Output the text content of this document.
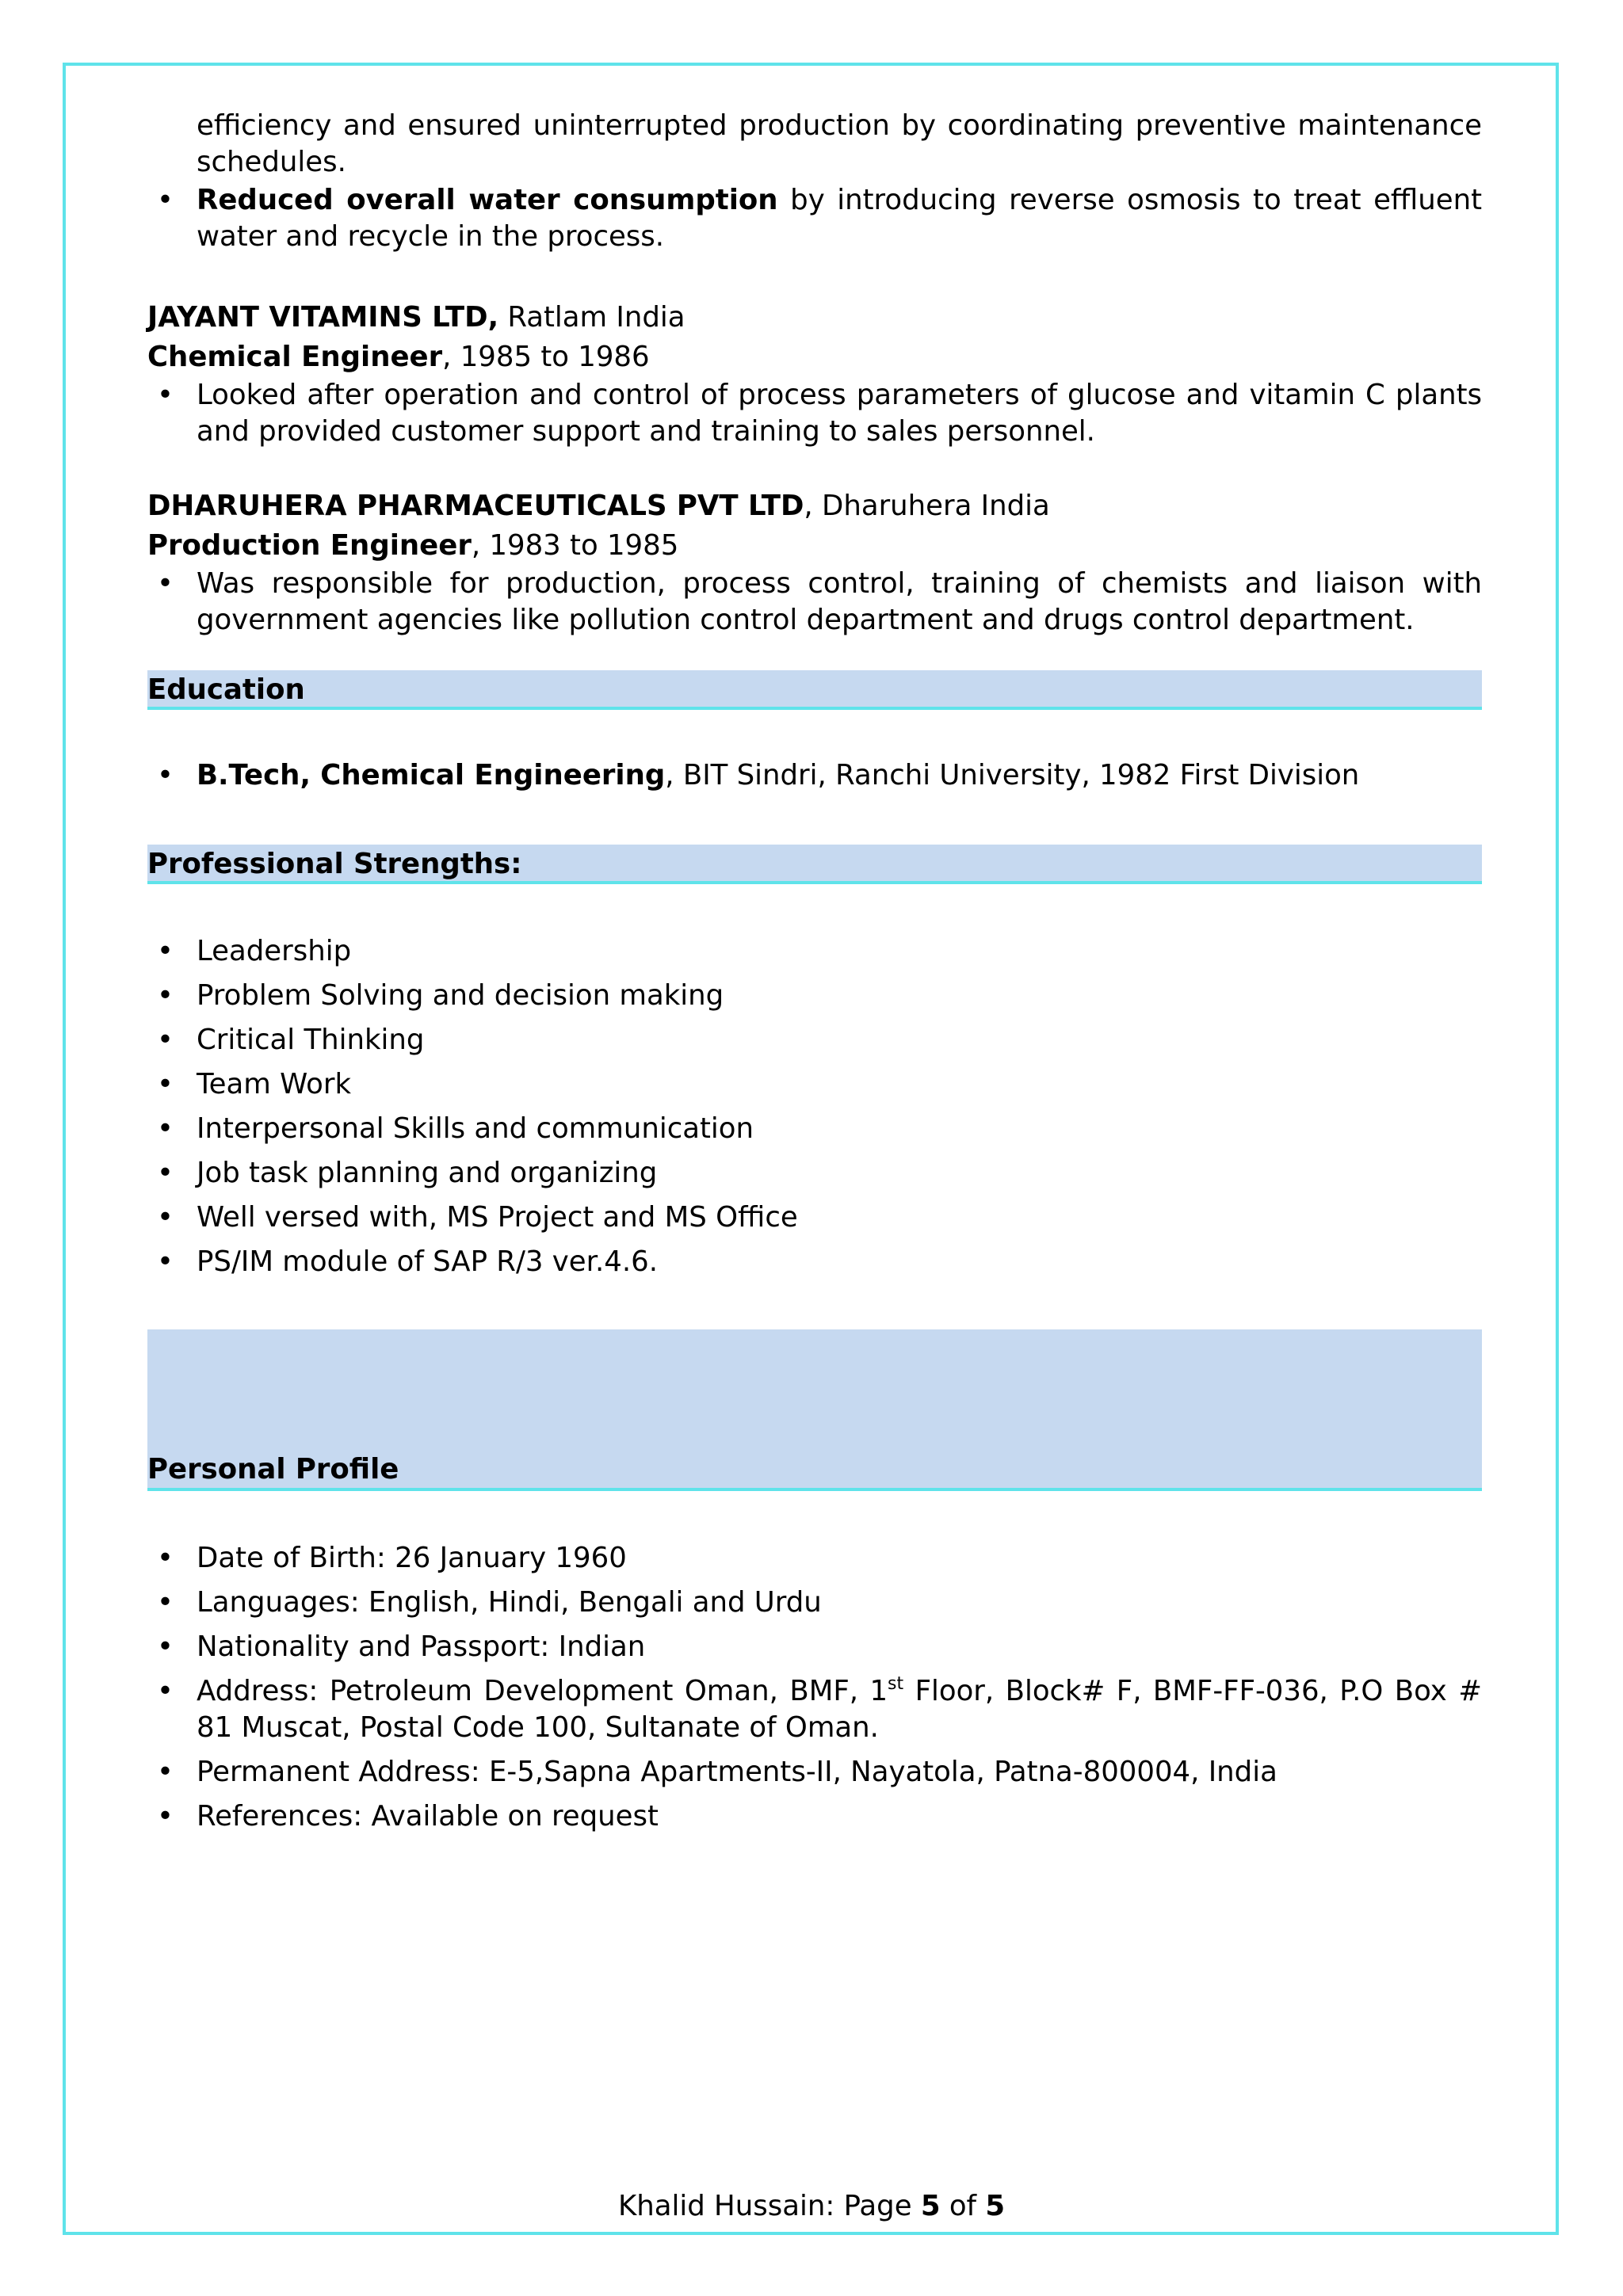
efficiency and ensured uninterrupted production by coordinating preventive maintenance schedules.
• Reduced overall water consumption by introducing reverse osmosis to treat effluent water and recycle in the process.
JAYANT VITAMINS LTD, Ratlam India
Chemical Engineer, 1985 to 1986
• Looked after operation and control of process parameters of glucose and vitamin C plants and provided customer support and training to sales personnel.
DHARUHERA PHARMACEUTICALS PVT LTD, Dharuhera India
Production Engineer, 1983 to 1985
• Was responsible for production, process control, training of chemists and liaison with government agencies like pollution control department and drugs control department.
Education
• B.Tech, Chemical Engineering, BIT Sindri, Ranchi University, 1982 First Division
Professional Strengths:
• Leadership
• Problem Solving and decision making
• Critical Thinking
• Team Work
• Interpersonal Skills and communication
• Job task planning and organizing
• Well versed with, MS Project and MS Office
• PS/IM module of SAP R/3 ver.4.6.
Personal Profile
• Date of Birth: 26 January 1960
• Languages: English, Hindi, Bengali and Urdu
• Nationality and Passport: Indian
• Address: Petroleum Development Oman, BMF, 1st Floor, Block# F, BMF-FF-036, P.O Box # 81 Muscat, Postal Code 100, Sultanate of Oman.
• Permanent Address: E-5,Sapna Apartments-II, Nayatola, Patna-800004, India
• References: Available on request
Khalid Hussain: Page 5 of 5
